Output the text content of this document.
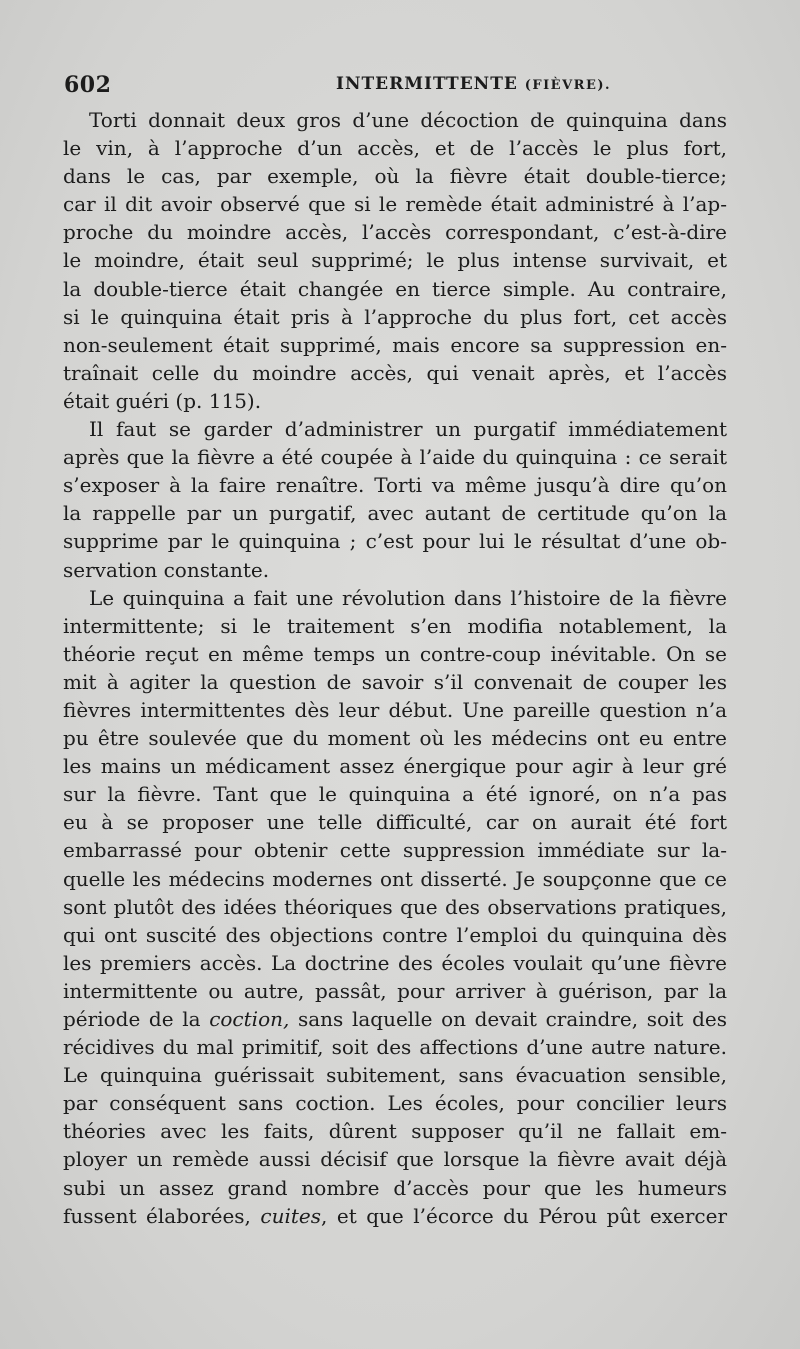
602	INTERMITTENTE (FIÈVRE).
Torti donnait deux gros d’une décoction de quinquina dans
le vin, à l’approche d’un accès, et de l’accès le plus fort,
dans le cas, par exemple, où la fièvre était double-tierce;
car il dit avoir observé que si le remède était administré à l’ap-
proche du moindre accès, l’accès correspondant, c’est-à-dire
le moindre, était seul supprimé; le plus intense survivait, et
la double-tierce était changée en tierce simple. Au contraire,
si le quinquina était pris à l’approche du plus fort, cet accès
non-seulement était supprimé, mais encore sa suppression en-
traînait celle du moindre accès, qui venait après, et l’accès
était guéri (p. 115).
Il faut se garder d’administrer un purgatif immédiatement
après que la fièvre a été coupée à l’aide du quinquina : ce serait
s’exposer à la faire renaître. Torti va même jusqu’à dire qu’on
la rappelle par un purgatif, avec autant de certitude qu’on la
supprime par le quinquina ; c’est pour lui le résultat d’une ob-
servation constante.
Le quinquina a fait une révolution dans l’histoire de la fièvre
intermittente; si le traitement s’en modifia notablement, la
théorie reçut en même temps un contre-coup inévitable. On se
mit à agiter la question de savoir s’il convenait de couper les
fièvres intermittentes dès leur début. Une pareille question n’a
pu être soulevée que du moment où les médecins ont eu entre
les mains un médicament assez énergique pour agir à leur gré
sur la fièvre. Tant que le quinquina a été ignoré, on n’a pas
eu à se proposer une telle difficulté, car on aurait été fort
embarrassé pour obtenir cette suppression immédiate sur la-
quelle les médecins modernes ont disserté. Je soupçonne que ce
sont plutôt des idées théoriques que des observations pratiques,
qui ont suscité des objections contre l’emploi du quinquina dès
les premiers accès. La doctrine des écoles voulait qu’une fièvre
intermittente ou autre, passât, pour arriver à guérison, par la
période de la coction, sans laquelle on devait craindre, soit des
récidives du mal primitif, soit des affections d’une autre nature.
Le quinquina guérissait subitement, sans évacuation sensible,
par conséquent sans coction. Les écoles, pour concilier leurs
théories avec les faits, dûrent supposer qu’il ne fallait em-
ployer un remède aussi décisif que lorsque la fièvre avait déjà
subi un assez grand nombre d’accès pour que les humeurs
fussent élaborées, cuites, et que l’écorce du Pérou pût exercer
